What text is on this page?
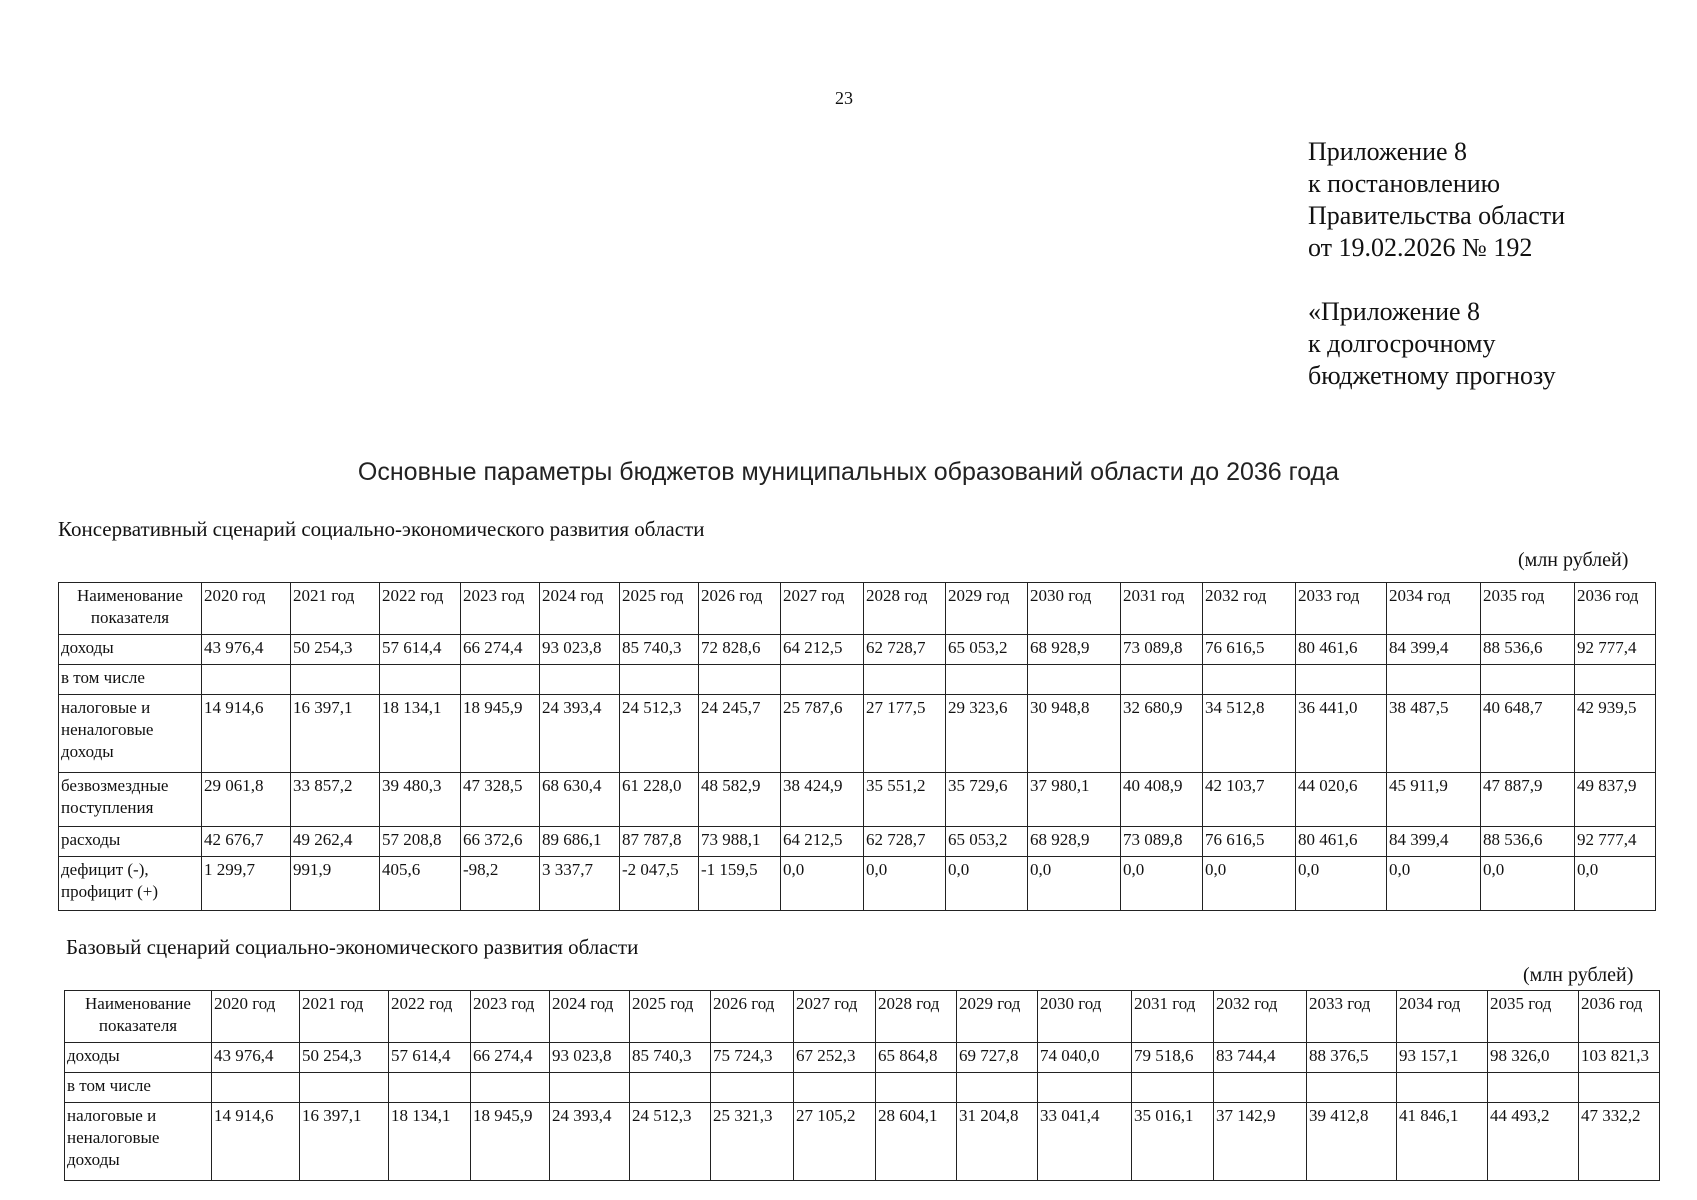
23
Приложение 8
к постановлению
Правительства области
от 19.02.2026 № 192
«Приложение 8
к долгосрочному
бюджетному прогнозу
Основные параметры бюджетов муниципальных образований области до 2036 года
Консервативный сценарий социально-экономического развития области
(млн рублей)
Наименование показателя	2020 год	2021 год	2022 год	2023 год	2024 год	2025 год	2026 год	2027 год	2028 год	2029 год	2030 год	2031 год	2032 год	2033 год	2034 год	2035 год	2036 год
доходы	43 976,4	50 254,3	57 614,4	66 274,4	93 023,8	85 740,3	72 828,6	64 212,5	62 728,7	65 053,2	68 928,9	73 089,8	76 616,5	80 461,6	84 399,4	88 536,6	92 777,4
в том числе																	
налоговые и неналоговые доходы	14 914,6	16 397,1	18 134,1	18 945,9	24 393,4	24 512,3	24 245,7	25 787,6	27 177,5	29 323,6	30 948,8	32 680,9	34 512,8	36 441,0	38 487,5	40 648,7	42 939,5
безвозмездные поступления	29 061,8	33 857,2	39 480,3	47 328,5	68 630,4	61 228,0	48 582,9	38 424,9	35 551,2	35 729,6	37 980,1	40 408,9	42 103,7	44 020,6	45 911,9	47 887,9	49 837,9
расходы	42 676,7	49 262,4	57 208,8	66 372,6	89 686,1	87 787,8	73 988,1	64 212,5	62 728,7	65 053,2	68 928,9	73 089,8	76 616,5	80 461,6	84 399,4	88 536,6	92 777,4
дефицит (-), профицит (+)	1 299,7	991,9	405,6	-98,2	3 337,7	-2 047,5	-1 159,5	0,0	0,0	0,0	0,0	0,0	0,0	0,0	0,0	0,0	0,0
Базовый сценарий социально-экономического развития области
(млн рублей)
Наименование показателя	2020 год	2021 год	2022 год	2023 год	2024 год	2025 год	2026 год	2027 год	2028 год	2029 год	2030 год	2031 год	2032 год	2033 год	2034 год	2035 год	2036 год
доходы	43 976,4	50 254,3	57 614,4	66 274,4	93 023,8	85 740,3	75 724,3	67 252,3	65 864,8	69 727,8	74 040,0	79 518,6	83 744,4	88 376,5	93 157,1	98 326,0	103 821,3
в том числе																	
налоговые и неналоговые доходы	14 914,6	16 397,1	18 134,1	18 945,9	24 393,4	24 512,3	25 321,3	27 105,2	28 604,1	31 204,8	33 041,4	35 016,1	37 142,9	39 412,8	41 846,1	44 493,2	47 332,2
